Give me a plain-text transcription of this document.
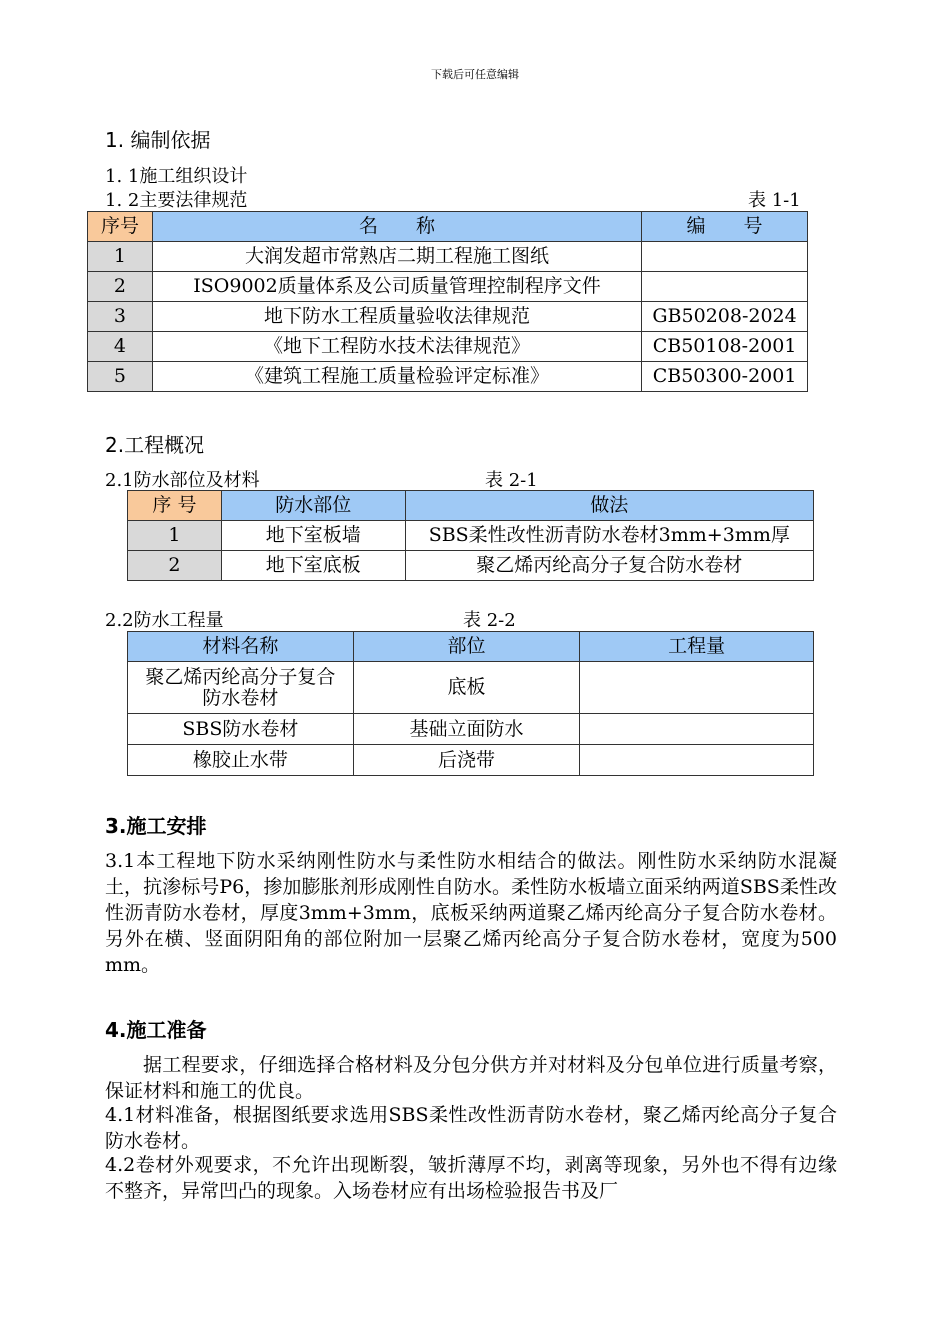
下载后可任意编辑
1. 编制依据
1. 1施工组织设计
1. 2主要法律规范	表 1-1
序号	名　　称	编　　号
1	大润发超市常熟店二期工程施工图纸	
2	ISO9002质量体系及公司质量管理控制程序文件	
3	地下防水工程质量验收法律规范	GB50208-2024
4	《地下工程防水技术法律规范》	CB50108-2001
5	《建筑工程施工质量检验评定标准》	CB50300-2001
2.工程概况
2.1防水部位及材料	表 2-1
序 号	防水部位	做法
1	地下室板墙	SBS柔性改性沥青防水卷材3mm+3mm厚
2	地下室底板	聚乙烯丙纶高分子复合防水卷材
2.2防水工程量	表 2-2
材料名称	部位	工程量
聚乙烯丙纶高分子复合防水卷材	底板	
SBS防水卷材	基础立面防水	
橡胶止水带	后浇带	
3.施工安排
3.1本工程地下防水采纳刚性防水与柔性防水相结合的做法。刚性防水采纳防水混凝土，抗渗标号P6，掺加膨胀剂形成刚性自防水。柔性防水板墙立面采纳两道SBS柔性改性沥青防水卷材，厚度3mm+3mm，底板采纳两道聚乙烯丙纶高分子复合防水卷材。另外在横、竖面阴阳角的部位附加一层聚乙烯丙纶高分子复合防水卷材，宽度为500 mm。
4.施工准备
据工程要求，仔细选择合格材料及分包分供方并对材料及分包单位进行质量考察，保证材料和施工的优良。
4.1材料准备，根据图纸要求选用SBS柔性改性沥青防水卷材，聚乙烯丙纶高分子复合防水卷材。
4.2卷材外观要求，不允许出现断裂，皱折薄厚不均，剥离等现象，另外也不得有边缘不整齐，异常凹凸的现象。入场卷材应有出场检验报告书及厂
